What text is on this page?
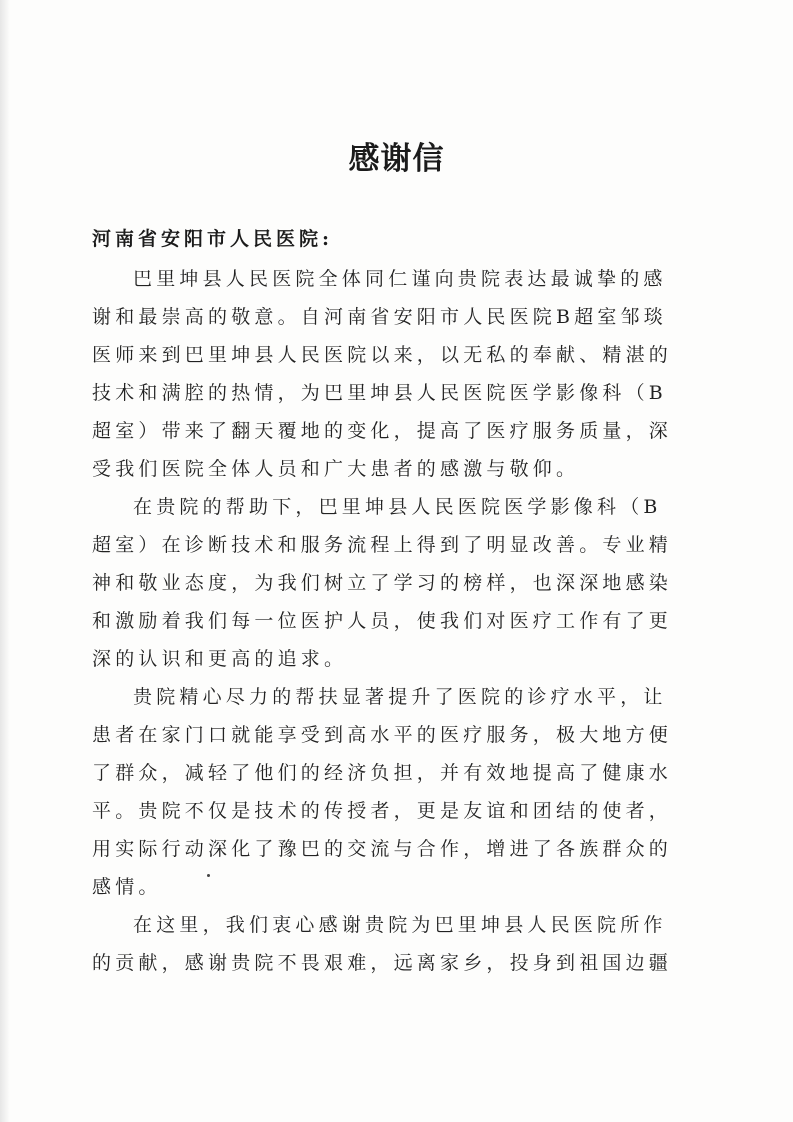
感谢信
河南省安阳市人民医院:
巴里坤县人民医院全体同仁谨向贵院表达最诚挚的感
谢和最崇高的敬意。自河南省安阳市人民医院B超室邹琰
医师来到巴里坤县人民医院以来，以无私的奉献、精湛的
技术和满腔的热情，为巴里坤县人民医院医学影像科（B
超室）带来了翻天覆地的变化，提高了医疗服务质量，深
受我们医院全体人员和广大患者的感激与敬仰。
在贵院的帮助下，巴里坤县人民医院医学影像科（B
超室）在诊断技术和服务流程上得到了明显改善。专业精
神和敬业态度，为我们树立了学习的榜样，也深深地感染
和激励着我们每一位医护人员，使我们对医疗工作有了更
深的认识和更高的追求。
贵院精心尽力的帮扶显著提升了医院的诊疗水平，让
患者在家门口就能享受到高水平的医疗服务，极大地方便
了群众，减轻了他们的经济负担，并有效地提高了健康水
平。贵院不仅是技术的传授者，更是友谊和团结的使者，
用实际行动深化了豫巴的交流与合作，增进了各族群众的
感情。
在这里，我们衷心感谢贵院为巴里坤县人民医院所作
的贡献，感谢贵院不畏艰难，远离家乡，投身到祖国边疆
